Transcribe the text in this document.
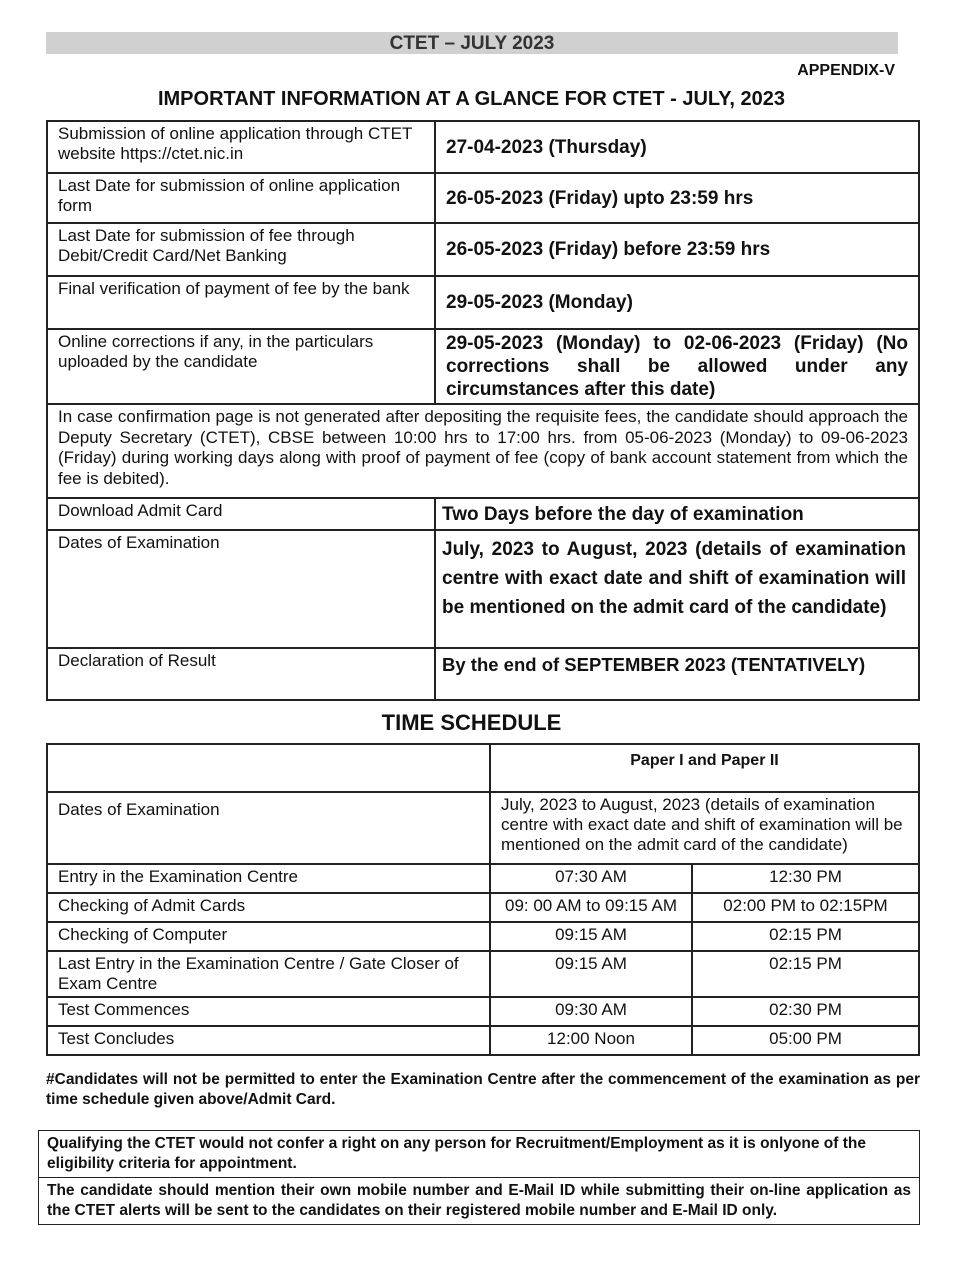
CTET – JULY 2023
APPENDIX-V
IMPORTANT INFORMATION AT A GLANCE FOR CTET - JULY, 2023
Submission of online application through CTET website https://ctet.nic.in	27-04-2023 (Thursday)
Last Date for submission of online application form	26-05-2023 (Friday) upto 23:59 hrs
Last Date for submission of fee through Debit/Credit Card/Net Banking	26-05-2023 (Friday) before 23:59 hrs
Final verification of payment of fee by the bank	29-05-2023 (Monday)
Online corrections if any, in the particulars uploaded by the candidate	29-05-2023 (Monday) to 02-06-2023 (Friday) (No corrections shall be allowed under any circumstances after this date)
In case confirmation page is not generated after depositing the requisite fees, the candidate should approach the Deputy Secretary (CTET), CBSE between 10:00 hrs to 17:00 hrs. from 05-06-2023 (Monday) to 09-06-2023 (Friday) during working days along with proof of payment of fee (copy of bank account statement from which the fee is debited).	
Download Admit Card	Two Days before the day of examination
Dates of Examination	July, 2023 to August, 2023 (details of examination centre with exact date and shift of examination will be mentioned on the admit card of the candidate)
Declaration of Result	By the end of SEPTEMBER 2023 (TENTATIVELY)
TIME SCHEDULE
	Paper I and Paper II	
Dates of Examination	July, 2023 to August, 2023 (details of examination centre with exact date and shift of examination will be mentioned on the admit card of the candidate)	
Entry in the Examination Centre	07:30 AM	12:30 PM
Checking of Admit Cards	09: 00 AM to 09:15 AM	02:00 PM to 02:15PM
Checking of Computer	09:15 AM	02:15 PM
Last Entry in the Examination Centre / Gate Closer of Exam Centre	09:15 AM	02:15 PM
Test Commences	09:30 AM	02:30 PM
Test Concludes	12:00 Noon	05:00 PM
#Candidates will not be permitted to enter the Examination Centre after the commencement of the examination as per time schedule given above/Admit Card.
Qualifying the CTET would not confer a right on any person for Recruitment/Employment as it is onlyone of the eligibility criteria for appointment.
The candidate should mention their own mobile number and E-Mail ID while submitting their on-line application as the CTET alerts will be sent to the candidates on their registered mobile number and E-Mail ID only.
